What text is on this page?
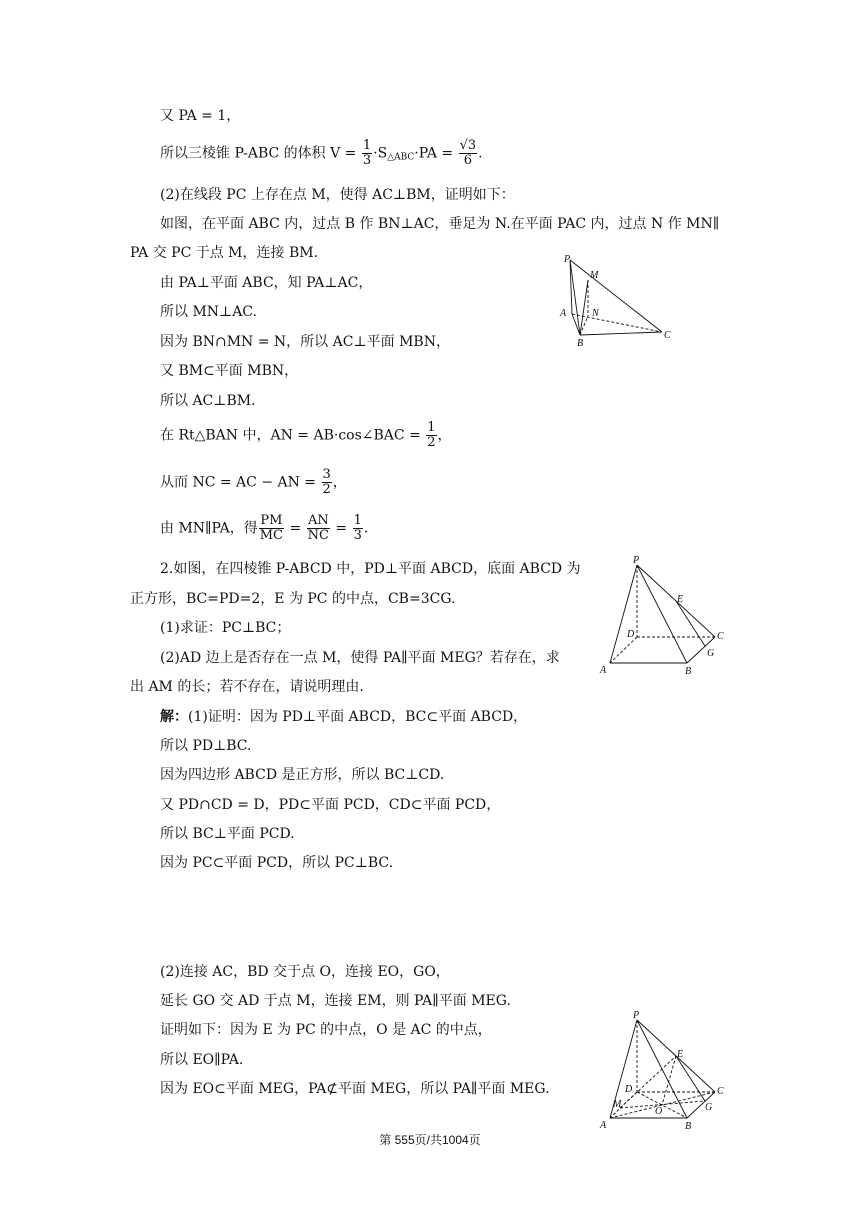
又 PA = 1，
所以三棱锥 P-ABC 的体积 $V = \frac{1}{3} \cdot S_{\triangle ABC}\cdot PA = \frac{√3}{6}$ .
(2)在线段 PC 上存在点 M，使得 AC⊥BM，证明如下：
如图，在平面 ABC 内，过点 B 作 BN⊥AC，垂足为 N.在平面 PAC 内，过点 N 作 MN∥
PA 交 PC 于点 M，连接 BM.
由 PA⊥平面 ABC，知 PA⊥AC，
所以 MN⊥AC.
因为 BN∩MN = N，所以 AC⊥平面 MBN，
又 BM⊂平面 MBN，
所以 AC⊥BM.
在 Rt△BAN 中，AN = AB·cos∠BAC = $\frac{1}{2}$ ，
从而 NC = AC − AN = $\frac{3}{2}$ ，
由 MN∥PA，得 $\frac{PM}{MC} = \frac{AN}{NC} = \frac{1}{3}$ .
2.如图，在四棱锥 P-ABCD 中，PD⊥平面 ABCD，底面 ABCD 为
正方形，BC=PD=2，E 为 PC 的中点，CB=3CG.
(1)求证：PC⊥BC；
(2)AD 边上是否存在一点 M，使得 PA∥平面 MEG？若存在，求
出 AM 的长；若不存在，请说明理由.
解：(1)证明：因为 PD⊥平面 ABCD，BC⊂平面 ABCD，
所以 PD⊥BC.
因为四边形 ABCD 是正方形，所以 BC⊥CD.
又 PD∩CD = D，PD⊂平面 PCD，CD⊂平面 PCD，
所以 BC⊥平面 PCD.
因为 PC⊂平面 PCD，所以 PC⊥BC.
(2)连接 AC，BD 交于点 O，连接 EO，GO，
延长 GO 交 AD 于点 M，连接 EM，则 PA∥平面 MEG.
证明如下：因为 E 为 PC 的中点，O 是 AC 的中点，
所以 EO∥PA.
因为 EO⊂平面 MEG，PA⊄平面 MEG，所以 PA∥平面 MEG.
P
M
A	N
B
C
P
E
D	C
G
A	B
P
E
D	C
M
O	G
A	B
第 555页/共1004页
